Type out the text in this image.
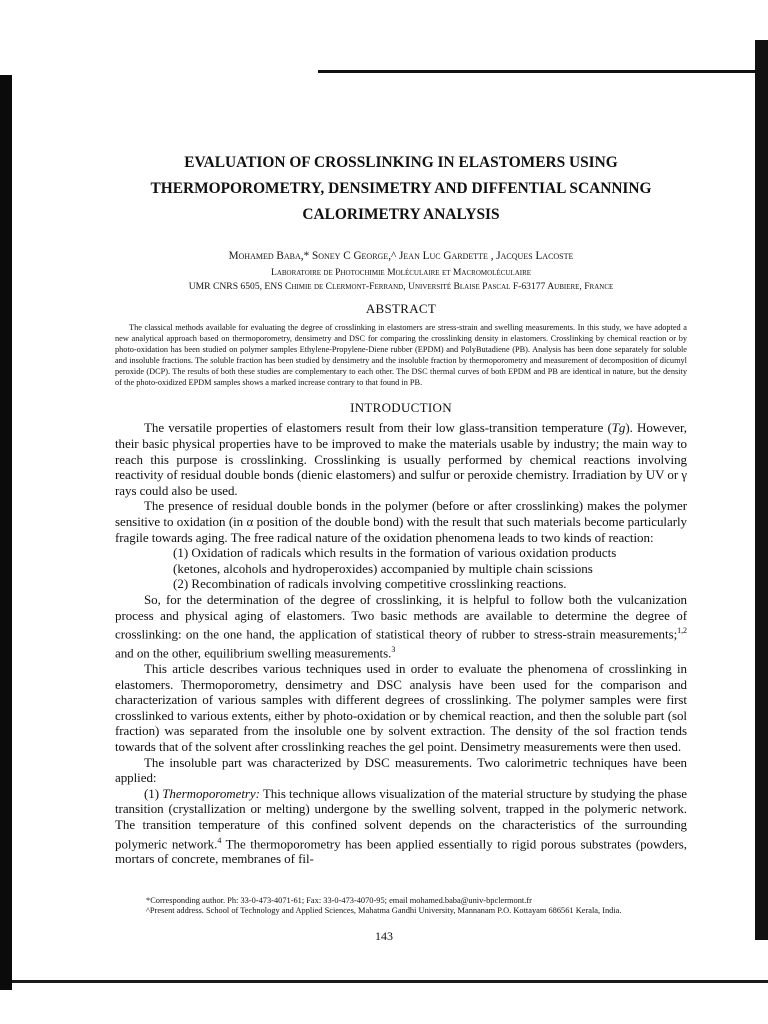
EVALUATION OF CROSSLINKING IN ELASTOMERS USING THERMOPOROMETRY, DENSIMETRY AND DIFFENTIAL SCANNING CALORIMETRY ANALYSIS
Mohamed Baba,* Soney C George,^ Jean Luc Gardette , Jacques Lacoste
Laboratoire de Photochimie Moléculaire et Macromoléculaire
UMR CNRS 6505, ENS Chimie de Clermont-Ferrand, Université Blaise Pascal F-63177 Aubiere, France
ABSTRACT

The classical methods available for evaluating the degree of crosslinking in elastomers are stress-strain and swelling measurements. In this study, we have adopted a new analytical approach based on thermoporometry, densimetry and DSC for comparing the crosslinking density in elastomers. Crosslinking by chemical reaction or by photo-oxidation has been studied on polymer samples Ethylene-Propylene-Diene rubber (EPDM) and PolyButadiene (PB). Analysis has been done separately for soluble and insoluble fractions. The soluble fraction has been studied by densimetry and the insoluble fraction by thermoporometry and measurement of decomposition of dicumyl peroxide (DCP). The results of both these studies are complementary to each other. The DSC thermal curves of both EPDM and PB are identical in nature, but the density of the photo-oxidized EPDM samples shows a marked increase contrary to that found in PB.

INTRODUCTION

The versatile properties of elastomers result from their low glass-transition temperature (Tg). However, their basic physical properties have to be improved to make the materials usable by industry; the main way to reach this purpose is crosslinking. Crosslinking is usually performed by chemical reactions involving reactivity of residual double bonds (dienic elastomers) and sulfur or peroxide chemistry. Irradiation by UV or γ rays could also be used.

The presence of residual double bonds in the polymer (before or after crosslinking) makes the polymer sensitive to oxidation (in α position of the double bond) with the result that such materials become particularly fragile towards aging. The free radical nature of the oxidation phenomena leads to two kinds of reaction:

(1) Oxidation of radicals which results in the formation of various oxidation products

(ketones, alcohols and hydroperoxides) accompanied by multiple chain scissions

(2) Recombination of radicals involving competitive crosslinking reactions.

So, for the determination of the degree of crosslinking, it is helpful to follow both the vulcanization process and physical aging of elastomers. Two basic methods are available to determine the degree of crosslinking: on the one hand, the application of statistical theory of rubber to stress-strain measurements;$^{1,2}$ and on the other, equilibrium swelling measurements.$^3$

This article describes various techniques used in order to evaluate the phenomena of crosslinking in elastomers. Thermoporometry, densimetry and DSC analysis have been used for the comparison and characterization of various samples with different degrees of crosslinking. The polymer samples were first crosslinked to various extents, either by photo-oxidation or by chemical reaction, and then the soluble part (sol fraction) was separated from the insoluble one by solvent extraction. The density of the sol fraction tends towards that of the solvent after crosslinking reaches the gel point. Densimetry measurements were then used.

The insoluble part was characterized by DSC measurements. Two calorimetric techniques have been applied:

(1) Thermoporometry: This technique allows visualization of the material structure by studying the phase transition (crystallization or melting) undergone by the swelling solvent, trapped in the polymeric network. The transition temperature of this confined solvent depends on the characteristics of the surrounding polymeric network.$^4$ The thermoporometry has been applied essentially to rigid porous substrates (powders, mortars of concrete, membranes of fil-

*Corresponding author. Ph: 33-0-473-4071-61; Fax: 33-0-473-4070-95; email mohamed.baba@univ-bpclermont.fr
^Present address. School of Technology and Applied Sciences, Mahatma Gandhi University, Mannanam P.O. Kottayam 686561 Kerala, India.
143
